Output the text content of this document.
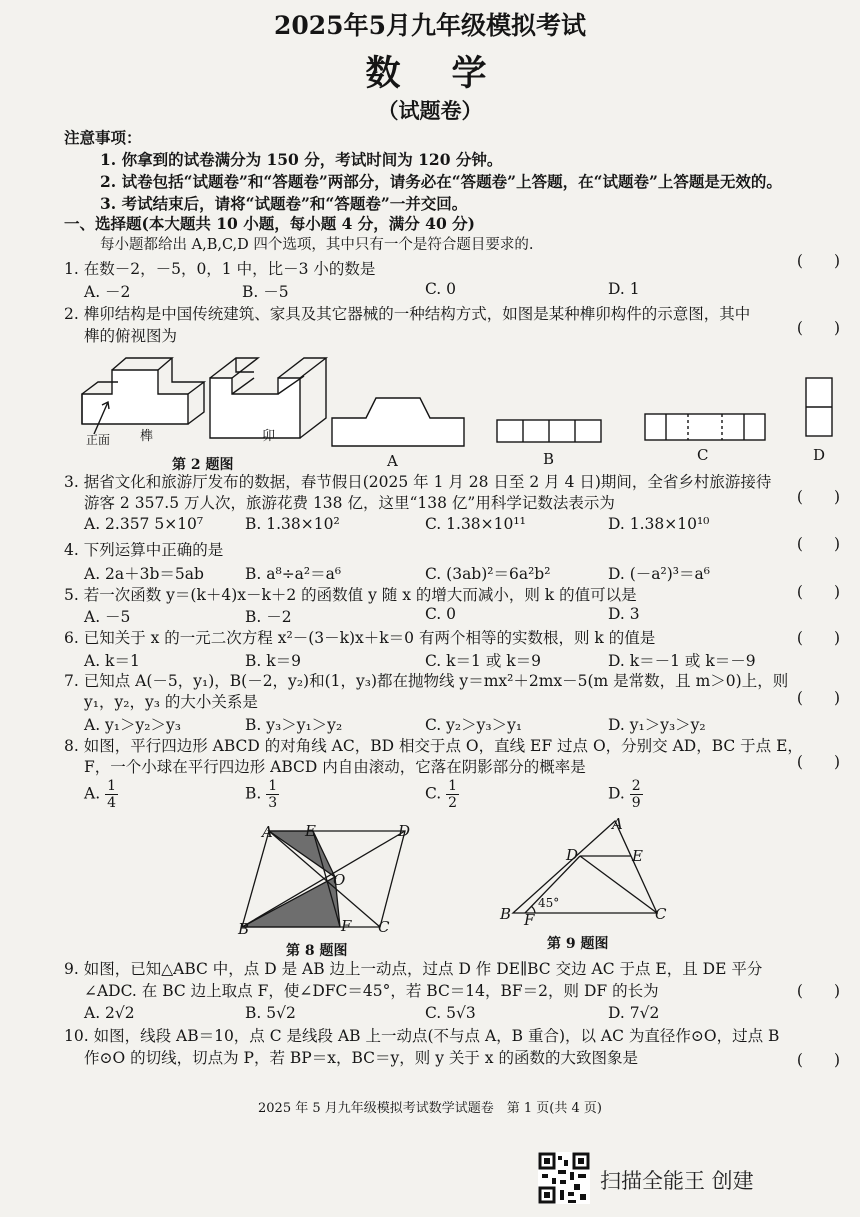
2025年5月九年级模拟考试
数　学
（试题卷）
注意事项：
1. 你拿到的试卷满分为 150 分，考试时间为 120 分钟。
2. 试卷包括“试题卷”和“答题卷”两部分，请务必在“答题卷”上答题，在“试题卷”上答题是无效的。
3. 考试结束后，请将“试题卷”和“答题卷”一并交回。
一、选择题(本大题共 10 小题，每小题 4 分，满分 40 分)
每小题都给出 A,B,C,D 四个选项，其中只有一个是符合题目要求的.
1. 在数－2，－5，0，1 中，比－3 小的数是	(　　)
A. －2	B. －5	C. 0	D. 1
2. 榫卯结构是中国传统建筑、家具及其它器械的一种结构方式，如图是某种榫卯构件的示意图，其中
(　　)
榫的俯视图为
正面 榫	卯
第 2 题图	A	B	C	D
3. 据省文化和旅游厅发布的数据，春节假日(2025 年 1 月 28 日至 2 月 4 日)期间，全省乡村旅游接待
(　　)
游客 2 357.5 万人次，旅游花费 138 亿，这里“138 亿”用科学记数法表示为
A. 2.357 5×10⁷	B. 1.38×10²	C. 1.38×10¹¹	D. 1.38×10¹⁰
4. 下列运算中正确的是	(　　)
A. 2a＋3b＝5ab	B. a⁸÷a²＝a⁶	C. (3ab)²＝6a²b²	D. (－a²)³＝a⁶
5. 若一次函数 y＝(k＋4)x－k＋2 的函数值 y 随 x 的增大而减小，则 k 的值可以是	(　　)
A. －5	B. －2	C. 0	D. 3
6. 已知关于 x 的一元二次方程 x²－(3－k)x＋k＝0 有两个相等的实数根，则 k 的值是	(　　)
A. k＝1	B. k＝9	C. k＝1 或 k＝9	D. k＝－1 或 k＝－9
7. 已知点 A(－5，y₁)，B(－2，y₂)和(1，y₃)都在抛物线 y＝mx²＋2mx－5(m 是常数，且 m＞0)上，则
(　　)
y₁，y₂，y₃ 的大小关系是
A. y₁＞y₂＞y₃	B. y₃＞y₁＞y₂	C. y₂＞y₃＞y₁	D. y₁＞y₃＞y₂
8. 如图，平行四边形 ABCD 的对角线 AC，BD 相交于点 O，直线 EF 过点 O，分别交 AD，BC 于点 E，
(　　)
F，一个小球在平行四边形 ABCD 内自由滚动，它落在阴影部分的概率是
A. $\frac{1}{4}$	B. $\frac{1}{3}$	C. $\frac{1}{2}$	D. $\frac{2}{9}$
A E	D
O
B	F C
第 8 题图
A
D	E
B F	C
45°
第 9 题图
9. 如图，已知△ABC 中，点 D 是 AB 边上一动点，过点 D 作 DE∥BC 交边 AC 于点 E，且 DE 平分
∠ADC. 在 BC 边上取点 F，使∠DFC＝45°，若 BC＝14，BF＝2，则 DF 的长为	(　　)
A. 2√2	B. 5√2	C. 5√3	D. 7√2
10. 如图，线段 AB＝10，点 C 是线段 AB 上一动点(不与点 A，B 重合)，以 AC 为直径作⊙O，过点 B
作⊙O 的切线，切点为 P，若 BP＝x，BC＝y，则 y 关于 x 的函数的大致图象是	(　　)
2025 年 5 月九年级模拟考试数学试题卷　第 1 页(共 4 页)
扫描全能王 创建
